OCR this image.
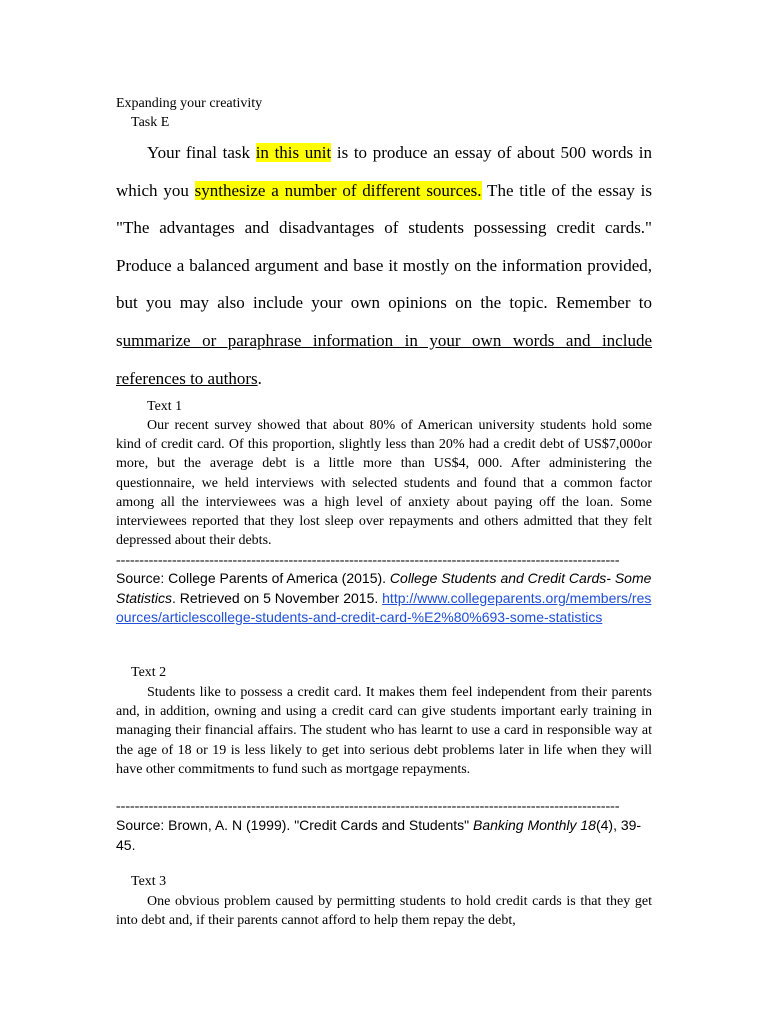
Expanding your creativity
Task E

Your final task in this unit is to produce an essay of about 500 words in which you synthesize a number of different sources. The title of the essay is "The advantages and disadvantages of students possessing credit cards." Produce a balanced argument and base it mostly on the information provided, but you may also include your own opinions on the topic. Remember to summarize or paraphrase information in your own words and include references to authors.

Text 1
Our recent survey showed that about 80% of American university students hold some kind of credit card. Of this proportion, slightly less than 20% had a credit debt of US$7,000or more, but the average debt is a little more than US$4, 000. After administering the questionnaire, we held interviews with selected students and found that a common factor among all the interviewees was a high level of anxiety about paying off the loan. Some interviewees reported that they lost sleep over repayments and others admitted that they felt depressed about their debts.
------------------------------------------------------------------------------------------------------------
Source: College Parents of America (2015). College Students and Credit Cards- Some Statistics. Retrieved on 5 November 2015. http://www.collegeparents.org/members/resources/articlescollege-students-and-credit-card-%E2%80%693-some-statistics
Text 2
Students like to possess a credit card. It makes them feel independent from their parents and, in addition, owning and using a credit card can give students important early training in managing their financial affairs. The student who has learnt to use a card in responsible way at the age of 18 or 19 is less likely to get into serious debt problems later in life when they will have other commitments to fund such as mortgage repayments.
------------------------------------------------------------------------------------------------------------
Source: Brown, A. N (1999). "Credit Cards and Students" Banking Monthly 18(4), 39-45.
Text 3
One obvious problem caused by permitting students to hold credit cards is that they get into debt and, if their parents cannot afford to help them repay the debt,
